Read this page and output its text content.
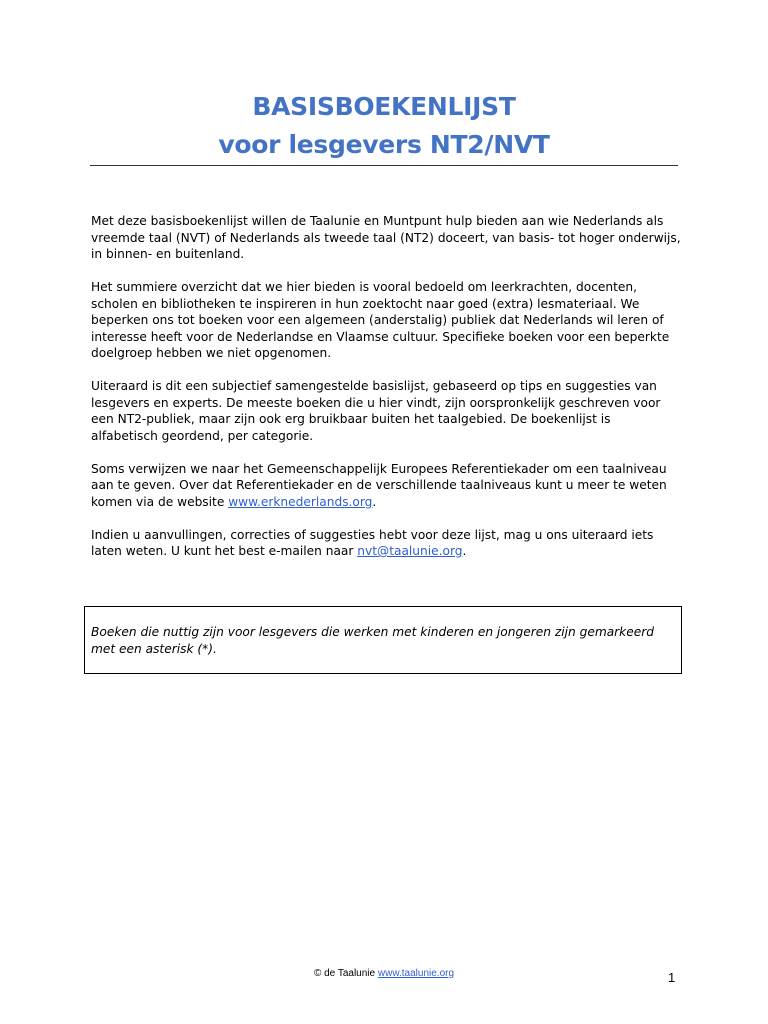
BASISBOEKENLIJST
voor lesgevers NT2/NVT

Met deze basisboekenlijst willen de Taalunie en Muntpunt hulp bieden aan wie Nederlands als vreemde taal (NVT) of Nederlands als tweede taal (NT2) doceert, van basis- tot hoger onderwijs, in binnen- en buitenland.

Het summiere overzicht dat we hier bieden is vooral bedoeld om leerkrachten, docenten, scholen en bibliotheken te inspireren in hun zoektocht naar goed (extra) lesmateriaal. We beperken ons tot boeken voor een algemeen (anderstalig) publiek dat Nederlands wil leren of interesse heeft voor de Nederlandse en Vlaamse cultuur. Specifieke boeken voor een beperkte doelgroep hebben we niet opgenomen.

Uiteraard is dit een subjectief samengestelde basislijst, gebaseerd op tips en suggesties van lesgevers en experts. De meeste boeken die u hier vindt, zijn oorspronkelijk geschreven voor een NT2-publiek, maar zijn ook erg bruikbaar buiten het taalgebied. De boekenlijst is alfabetisch geordend, per categorie.

Soms verwijzen we naar het Gemeenschappelijk Europees Referentiekader om een taalniveau aan te geven. Over dat Referentiekader en de verschillende taalniveaus kunt u meer te weten komen via de website www.erknederlands.org.

Indien u aanvullingen, correcties of suggesties hebt voor deze lijst, mag u ons uiteraard iets laten weten. U kunt het best e-mailen naar nvt@taalunie.org.

Boeken die nuttig zijn voor lesgevers die werken met kinderen en jongeren zijn gemarkeerd met een asterisk (*).
© de Taalunie www.taalunie.org	1
